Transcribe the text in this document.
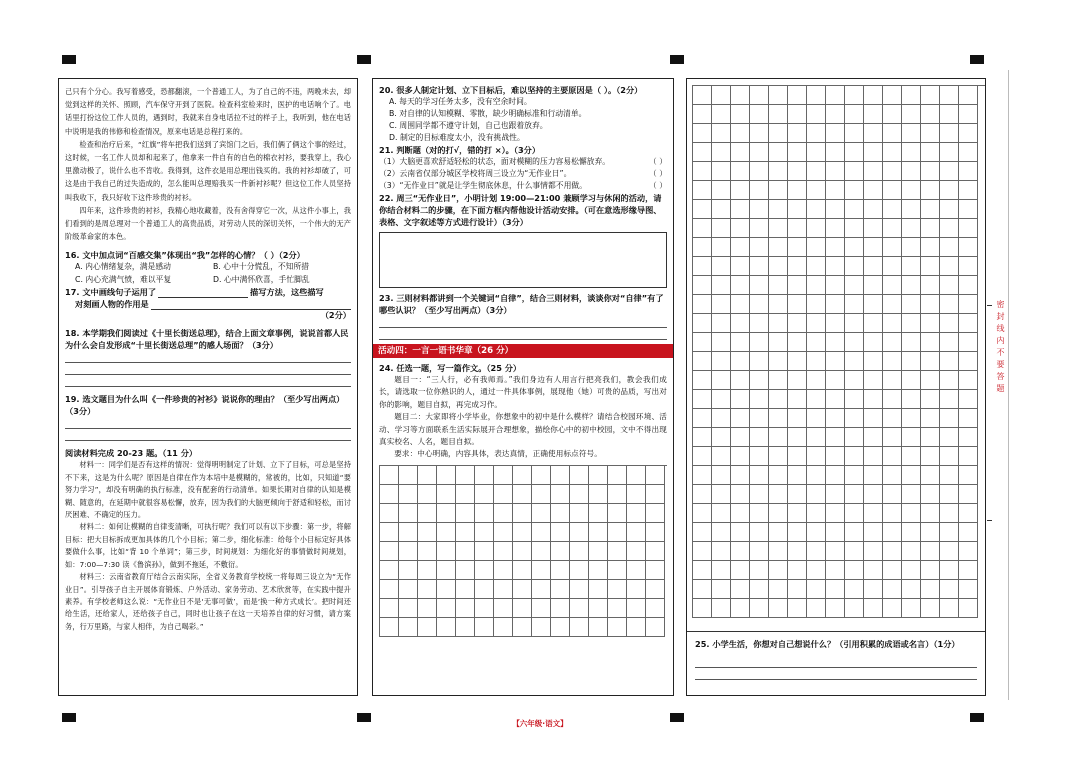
己只有个分心。我写着感受，恐都翻滚，一个普通工人，为了自己的不违，两晚未去，却觉到这样的关怀、照顾，汽车保守开到了医院。检查科室检来时，医护的电话响个了。电话里打扮这位工作人员的，遇到时，我就来自身电话拉不过的样子上，我听到，他在电话中说明是我的伟修和检查情况，原来电话是总程打来的。

检查和治疗后来，“红旗”将车把我们送到了宾馆门之后，我们俩了俩这个事的经过，这时候，一名工作人员却和起来了，他拿来一件自有的自色的棉衣衬衫，要我穿上，我心里激动极了，说什么也不肯收。我得到，这件衣是用总理出钱买的。我的衬衫却破了，可这是由于我自己的过失造成的，怎么能叫总理赔我买一件新衬衫呢？但这位工作人员坚持叫我收下，我只好收下这件珍贵的衬衫。

四年来，这件珍贵的衬衫，我精心地收藏着，没有舍得穿它一次，从这件小事上，我们看到的是周总理对一个普通工人的高贵品质，对劳动人民的深切关怀，一个伟大的无产阶级革命家的本色。

16. 文中加点词“百感交集”体现出“我”怎样的心情？（ ）（2分）

A. 内心情绪复杂，满是感动	B. 心中十分慌乱，不知所措
C. 内心充满气愤，难以平复	D. 心中满怀欣喜，手忙脚乱

17. 文中画线句子运用了	描写方法，这些描写

对刻画人物的作用是

（2分）

18. 本学期我们阅读过《十里长街送总理》，结合上面文章事例，说说首都人民为什么会自发形成“十里长街送总理”的感人场面？（3分）

19. 选文题目为什么叫《一件珍贵的衬衫》说说你的理由？（至少写出两点）（3分）

阅读材料完成 20-23 题。（11 分）

材料一：同学们是否有这样的情况：觉得明明制定了计划、立下了目标，可总是坚持不下来，这是为什么呢？原因是自律在作为本培中是模糊的，常被的，比如，只知道“要努力学习”，却没有明确的执行标准，没有配套的行动清单。如果长期对自律的认知是模糊、随意的，在延期中就很容易松懈，放弃，因为我们的大脑更倾向于舒适和轻松，而讨厌困难、不确定的压力。

材料二：如何让模糊的自律变清晰，可执行呢？我们可以有以下步骤：第一步，将解目标：把大目标拆成更加具体的几个小目标；第二步，细化标准：给每个小目标定好具体要做什么事，比如“背 10 个单词”；第三步，时间规划：为细化好的事情做时间规划，如：7:00—7:30 读《鲁滨孙》，做到不拖延，不敷衍。

材料三：云南省教育厅结合云南实际，全省义务教育学校统一将每周三设立为“无作业日”。引导孩子自主开展体育锻炼、户外活动、家务劳动、艺术欣赏等，在实践中提升素养。有学校老师这么说：“无作业日不是‘无事可做’，而是‘换一种方式成长’。把时间还给生活，还给家人，还给孩子自己，同时也让孩子在这一天培养自律的好习惯，请方案务，行万里路，与家人相伴，为自己喝彩。”

20. 很多人制定计划、立下目标后，难以坚持的主要原因是（ ）。（2分）

A. 每天的学习任务太多，没有空余时间。

B. 对自律的认知模糊、零散，缺少明确标准和行动清单。

C. 周围同学都不遵守计划，自己也跟着放弃。

D. 制定的目标难度太小，没有挑战性。

21. 判断题（对的打√，错的打 ×）。（3分）

（1）大脑更喜欢舒适轻松的状态，面对模糊的压力容易松懈放弃。	（ ）
（2）云南省仅部分城区学校将周三设立为“无作业日”。	（ ）
（3）“无作业日”就是让学生彻底休息，什么事情都不用做。	（ ）

22. 周三“无作业日”，小明计划 19:00—21:00 兼顾学习与休闲的活动，请你结合材料二的步骤，在下面方框内帮他设计活动安排。（可在意选形缘导图、表格、文字叙述等方式进行设计）（3分）

23. 三则材料都讲到一个关键词“自律”，结合三则材料，谈谈你对“自律”有了哪些认识？（至少写出两点）（3分）

活动四：一言一语书华章（26 分）

24. 任选一题，写一篇作文。（25 分）

题目一：“三人行，必有我师焉。”我们身边有人用言行把亮我们，教会我们成长，请选取一位你熟识的人，通过一件具体事例，展现他（她）可贵的品质，写出对你的影响，题目自拟，再完成习作。

题目二：大家即将小学毕业，你想象中的初中是什么模样？请结合校园环境、活动、学习等方面联系生活实际展开合理想象，描绘你心中的初中校园，文中不得出现真实校名、人名，题目自拟。

要求：中心明确，内容具体，表达真情，正确使用标点符号。

25. 小学生活，你想对自己想说什么？（引用积累的成语或名言）（1分）

密封线内不要答题
【六年级·语文】
